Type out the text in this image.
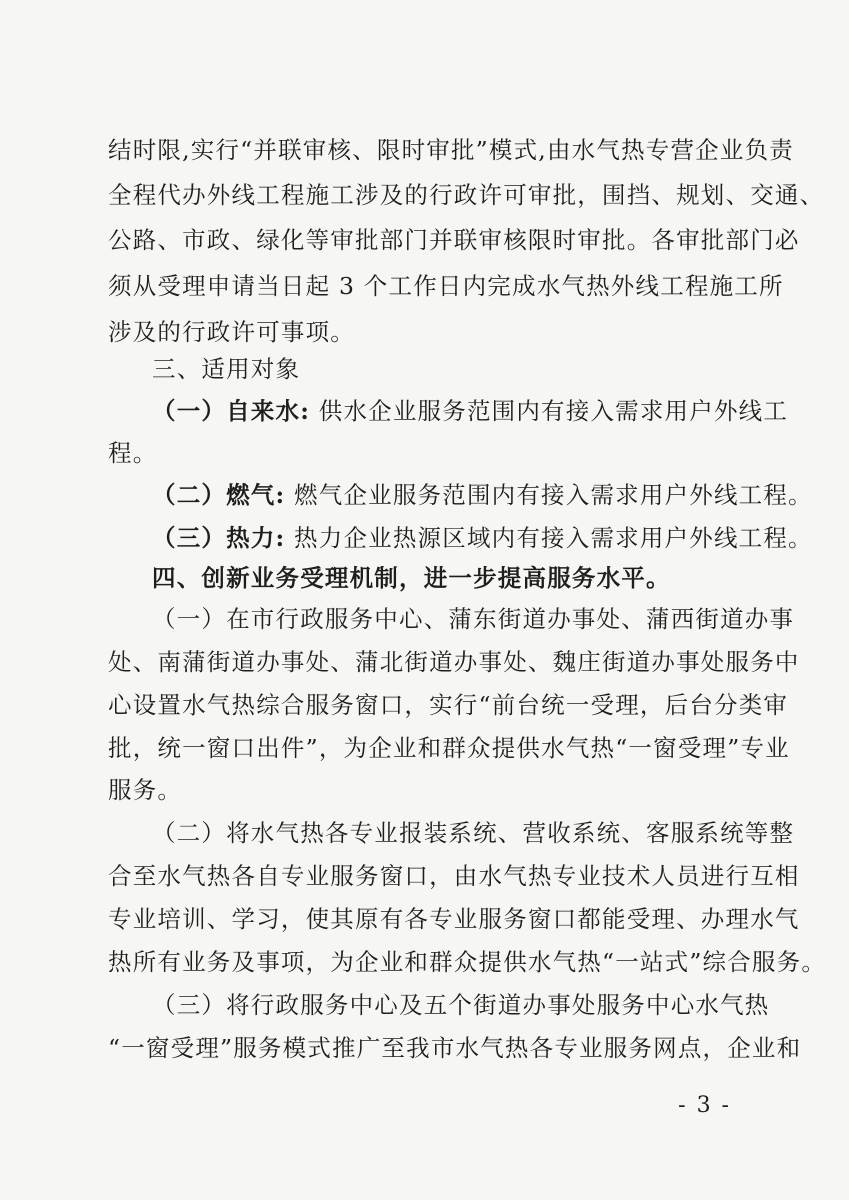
结时限,实行“并联审核、限时审批”模式,由水气热专营企业负责
全程代办外线工程施工涉及的行政许可审批，围挡、规划、交通、
公路、市政、绿化等审批部门并联审核限时审批。各审批部门必
须从受理申请当日起 3 个工作日内完成水气热外线工程施工所
涉及的行政许可事项。
三、适用对象
（一）自来水: 供水企业服务范围内有接入需求用户外线工
程。
（二）燃气: 燃气企业服务范围内有接入需求用户外线工程。
（三）热力: 热力企业热源区域内有接入需求用户外线工程。
四、创新业务受理机制，进一步提高服务水平。
（一）在市行政服务中心、蒲东街道办事处、蒲西街道办事
处、南蒲街道办事处、蒲北街道办事处、魏庄街道办事处服务中
心设置水气热综合服务窗口，实行“前台统一受理，后台分类审
批，统一窗口出件”，为企业和群众提供水气热“一窗受理”专业
服务。
（二）将水气热各专业报装系统、营收系统、客服系统等整
合至水气热各自专业服务窗口，由水气热专业技术人员进行互相
专业培训、学习，使其原有各专业服务窗口都能受理、办理水气
热所有业务及事项，为企业和群众提供水气热“一站式”综合服务。
（三）将行政服务中心及五个街道办事处服务中心水气热
“一窗受理”服务模式推广至我市水气热各专业服务网点，企业和
- 3 -
